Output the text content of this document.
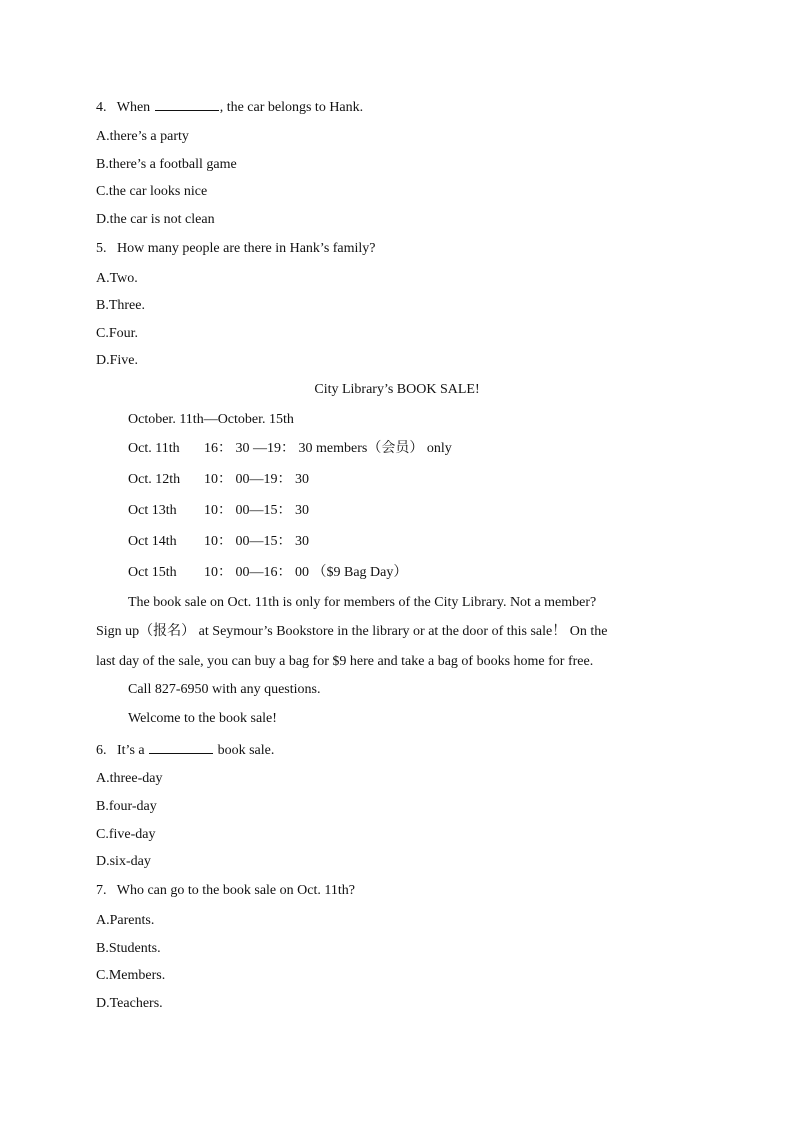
4. When	, the car belongs to Hank.
A.there’s a party
B.there’s a football game
C.the car looks nice
D.the car is not clean
5. How many people are there in Hank’s family?
A.Two.
B.Three.
C.Four.
D.Five.
City Library’s BOOK SALE!
October. 11th—October. 15th
Oct. 11th 16： 30 —19： 30 members（会员） only
Oct. 12th 10： 00—19： 30
Oct 13th 10： 00—15： 30
Oct 14th 10： 00—15： 30
Oct 15th 10： 00—16： 00 （$9 Bag Day）
The book sale on Oct. 11th is only for members of the City Library. Not a member?
Sign up（报名） at Seymour’s Bookstore in the library or at the door of this sale！ On the
last day of the sale, you can buy a bag for $9 here and take a bag of books home for free.
Call 827-6950 with any questions.
Welcome to the book sale!
6. It’s a	book sale.
A.three-day
B.four-day
C.five-day
D.six-day
7. Who can go to the book sale on Oct. 11th?
A.Parents.
B.Students.
C.Members.
D.Teachers.
